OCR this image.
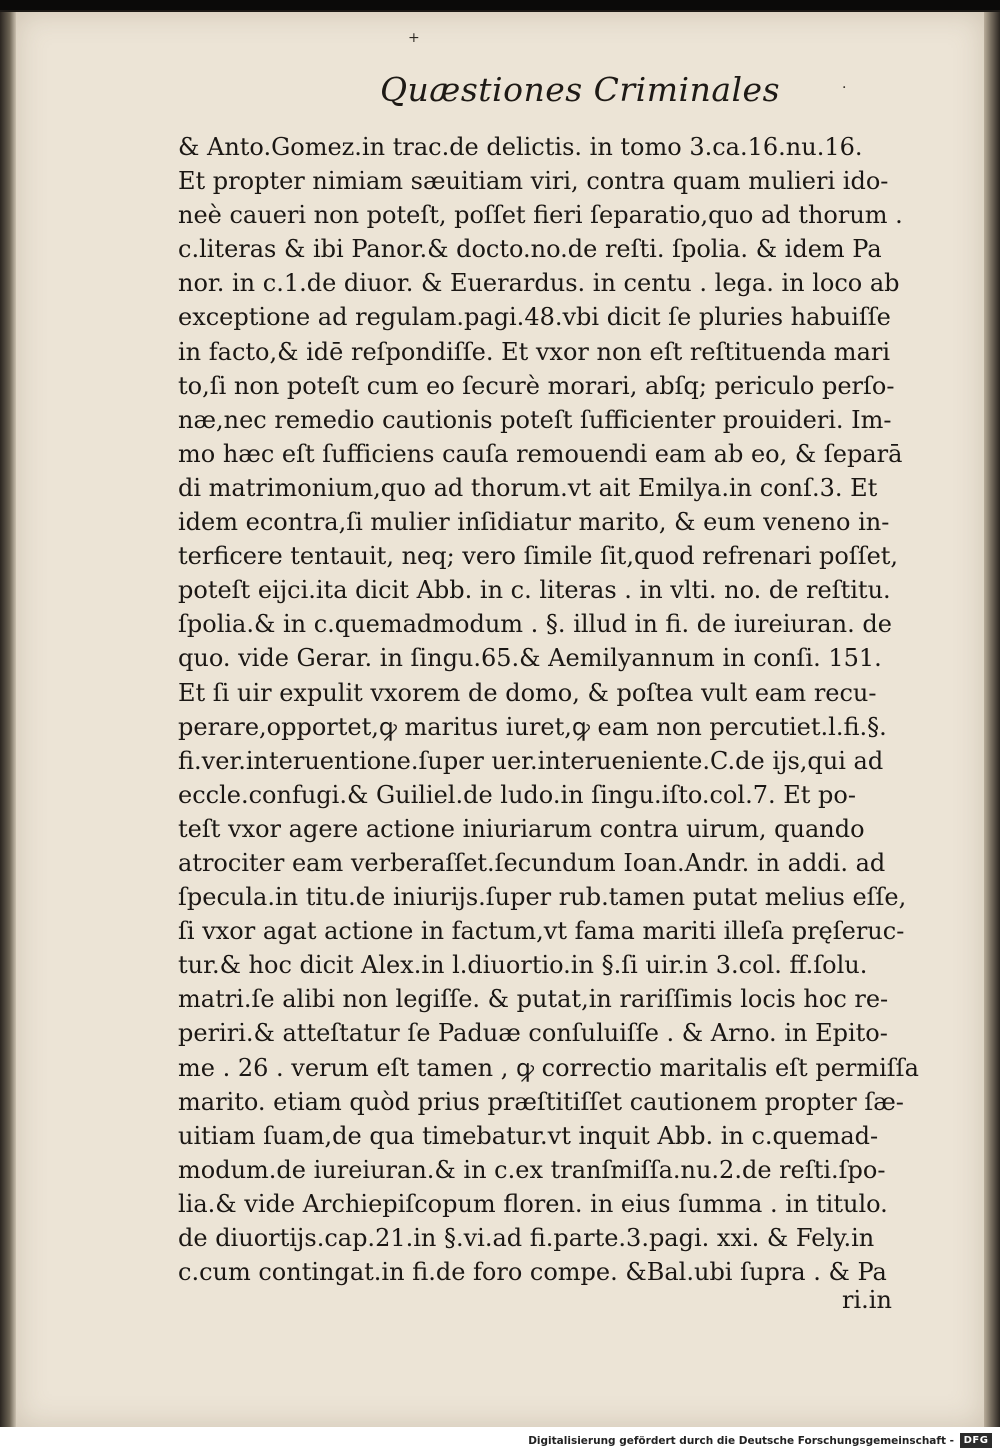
+
Quæstiones Criminales	·
& Anto.Gomez.in trac.de delictis. in tomo 3.ca.16.nu.16.
Et propter nimiam sæuitiam viri, contra quam mulieri ido-
neè caueri non poteſt, poſſet fieri ſeparatio,quo ad thorum .
c.literas & ibi Panor.& docto.no.de reſti. ſpolia. & idem Pa
nor. in c.1.de diuor. & Euerardus. in centu . lega. in loco ab
exceptione ad regulam.pagi.48.vbi dicit ſe pluries habuiſſe
in facto,& idē reſpondiſſe. Et vxor non eſt reſtituenda mari
to,ſi non poteſt cum eo ſecurè morari, abſq; periculo perſo-
næ,nec remedio cautionis poteſt ſufficienter prouideri. Im-
mo hæc eſt ſufficiens cauſa remouendi eam ab eo, & ſeparā
di matrimonium,quo ad thorum.vt ait Emilya.in conſ.3. Et
idem econtra,ſi mulier inſidiatur marito, & eum veneno in-
terficere tentauit, neq; vero ſimile ſit,quod refrenari poſſet,
poteſt eijci.ita dicit Abb. in c. literas . in vlti. no. de reſtitu.
ſpolia.& in c.quemadmodum . §. illud in fi. de iureiuran. de
quo. vide Gerar. in ſingu.65.& Aemilyannum in conſi. 151.
Et ſi uir expulit vxorem de domo, & poſtea vult eam recu-
perare,opportet,ꝙ maritus iuret,ꝙ eam non percutiet.l.fi.§.
fi.ver.interuentione.ſuper uer.interueniente.C.de ijs,qui ad
eccle.confugi.& Guiliel.de ludo.in ſingu.iſto.col.7. Et po-
teſt vxor agere actione iniuriarum contra uirum, quando
atrociter eam verberaſſet.ſecundum Ioan.Andr. in addi. ad
ſpecula.in titu.de iniurijs.ſuper rub.tamen putat melius eſſe,
ſi vxor agat actione in factum,vt fama mariti illeſa pręſeruc-
tur.& hoc dicit Alex.in l.diuortio.in §.ſi uir.in 3.col. ff.ſolu.
matri.ſe alibi non legiſſe. & putat,in rariſſimis locis hoc re-
periri.& atteſtatur ſe Paduæ conſuluiſſe . & Arno. in Epito-
me . 26 . verum eſt tamen , ꝙ correctio maritalis eſt permiſſa
marito. etiam quòd prius præſtitiſſet cautionem propter ſæ-
uitiam ſuam,de qua timebatur.vt inquit Abb. in c.quemad-
modum.de iureiuran.& in c.ex tranſmiſſa.nu.2.de reſti.ſpo-
lia.& vide Archiepiſcopum floren. in eius ſumma . in titulo.
de diuortijs.cap.21.in §.vi.ad fi.parte.3.pagi. xxi. & Fely.in
c.cum contingat.in fi.de foro compe. &Bal.ubi ſupra . & Pa
ri.in
Digitalisierung gefördert durch die Deutsche Forschungsgemeinschaft - DFG
